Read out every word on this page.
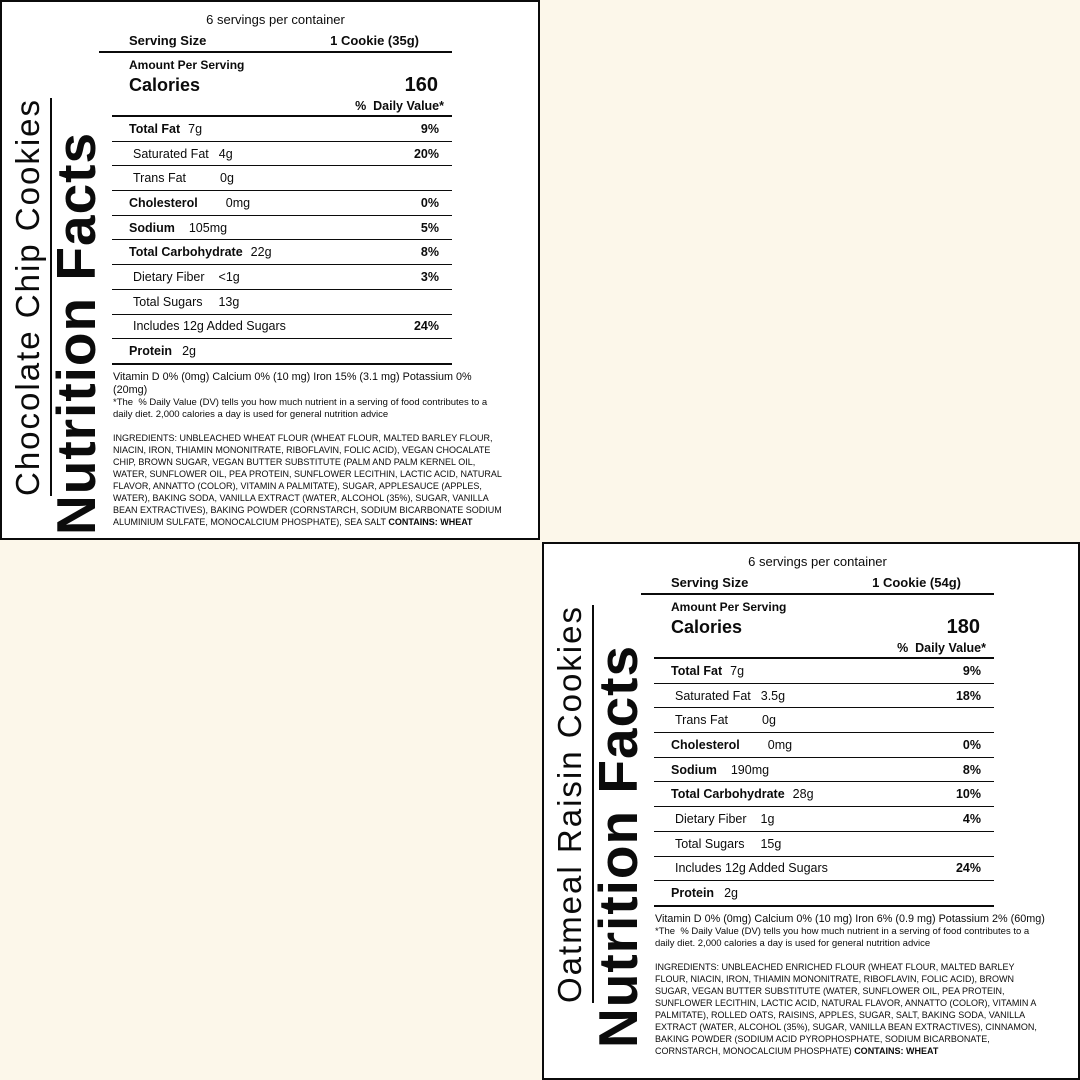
Chocolate Chip Cookies Nutrition Facts
6 servings per container
Serving Size	1 Cookie (35g)
Amount Per Serving
Calories	160
%  Daily Value*
Total Fat 7g	9%
Saturated Fat 4g	20%
Trans Fat	0g
Cholesterol 0mg	0%
Sodium 105mg	5%
Total Carbohydrate 22g	8%
Dietary Fiber <1g	3%
Total Sugars 13g
Includes 12g Added Sugars	24%
Protein 2g
Vitamin D 0% (0mg) Calcium 0% (10 mg) Iron 15% (3.1 mg) Potassium 0% (20mg)
*The  % Daily Value (DV) tells you how much nutrient in a serving of food contributes to a daily diet. 2,000 calories a day is used for general nutrition advice
INGREDIENTS: UNBLEACHED WHEAT FLOUR (WHEAT FLOUR, MALTED BARLEY FLOUR, NIACIN, IRON, THIAMIN MONONITRATE, RIBOFLAVIN, FOLIC ACID), VEGAN CHOCALATE CHIP, BROWN SUGAR, VEGAN BUTTER SUBSTITUTE (PALM AND PALM KERNEL OIL, WATER, SUNFLOWER OIL, PEA PROTEIN, SUNFLOWER LECITHIN, LACTIC ACID, NATURAL FLAVOR, ANNATTO (COLOR), VITAMIN A PALMITATE), SUGAR, APPLESAUCE (APPLES, WATER), BAKING SODA, VANILLA EXTRACT (WATER, ALCOHOL (35%), SUGAR, VANILLA BEAN EXTRACTIVES), BAKING POWDER (CORNSTARCH, SODIUM BICARBONATE SODIUM ALUMINIUM SULFATE, MONOCALCIUM PHOSPHATE), SEA SALT CONTAINS: WHEAT
Oatmeal Raisin Cookies Nutrition Facts
6 servings per container
Serving Size	1 Cookie (54g)
Amount Per Serving
Calories	180
%  Daily Value*
Total Fat 7g	9%
Saturated Fat 3.5g	18%
Trans Fat	0g
Cholesterol 0mg	0%
Sodium 190mg	8%
Total Carbohydrate 28g	10%
Dietary Fiber 1g	4%
Total Sugars 15g
Includes 12g Added Sugars	24%
Protein 2g
Vitamin D 0% (0mg) Calcium 0% (10 mg) Iron 6% (0.9 mg) Potassium 2% (60mg)
*The  % Daily Value (DV) tells you how much nutrient in a serving of food contributes to a daily diet. 2,000 calories a day is used for general nutrition advice
INGREDIENTS: UNBLEACHED ENRICHED FLOUR (WHEAT FLOUR, MALTED BARLEY FLOUR, NIACIN, IRON, THIAMIN MONONITRATE, RIBOFLAVIN, FOLIC ACID), BROWN SUGAR, VEGAN BUTTER SUBSTITUTE (WATER, SUNFLOWER OIL, PEA PROTEIN, SUNFLOWER LECITHIN, LACTIC ACID, NATURAL FLAVOR, ANNATTO (COLOR), VITAMIN A PALMITATE), ROLLED OATS, RAISINS, APPLES, SUGAR, SALT, BAKING SODA, VANILLA EXTRACT (WATER, ALCOHOL (35%), SUGAR, VANILLA BEAN EXTRACTIVES), CINNAMON, BAKING POWDER (SODIUM ACID PYROPHOSPHATE, SODIUM BICARBONATE, CORNSTARCH, MONOCALCIUM PHOSPHATE) CONTAINS: WHEAT
